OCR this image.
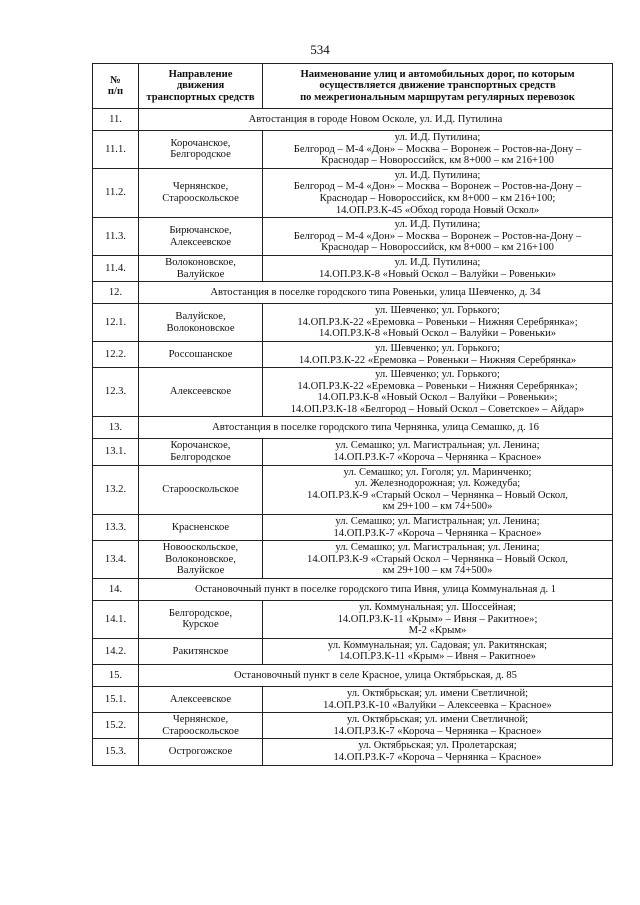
534
№
п/п	Направление
движения
транспортных средств	Наименование улиц и автомобильных дорог, по которым
осуществляется движение транспортных средств
по межрегиональным маршрутам регулярных перевозок

11.	Автостанция в городе Новом Осколе, ул. И.Д. Путилина	
11.1.	Корочанское,
Белгородское	ул. И.Д. Путилина;
Белгород – М-4 «Дон» – Москва – Воронеж – Ростов-на-Дону –
Краснодар – Новороссийск, км 8+000 – км 216+100

11.2.	Чернянское,
Старооскольское	ул. И.Д. Путилина;
Белгород – М-4 «Дон» – Москва – Воронеж – Ростов-на-Дону –
Краснодар – Новороссийск, км 8+000 – км 216+100;
14.ОП.РЗ.К-45 «Обход города Новый Оскол»

11.3.	Бирючанское,
Алексеевское	ул. И.Д. Путилина;
Белгород – М-4 «Дон» – Москва – Воронеж – Ростов-на-Дону –
Краснодар – Новороссийск, км 8+000 – км 216+100

11.4.	Волоконовское,
Валуйское	ул. И.Д. Путилина;
14.ОП.РЗ.К-8 «Новый Оскол – Валуйки – Ровеньки»

12.	Автостанция в поселке городского типа Ровеньки, улица Шевченко, д. 34	
12.1.	Валуйское,
Волоконовское	ул. Шевченко; ул. Горького;
14.ОП.РЗ.К-22 «Еремовка – Ровеньки – Нижняя Серебрянка»;
14.ОП.РЗ.К-8 «Новый Оскол – Валуйки – Ровеньки»

12.2.	Россошанское	ул. Шевченко; ул. Горького;
14.ОП.РЗ.К-22 «Еремовка – Ровеньки – Нижняя Серебрянка»

12.3.	Алексеевское	ул. Шевченко; ул. Горького;
14.ОП.РЗ.К-22 «Еремовка – Ровеньки – Нижняя Серебрянка»;
14.ОП.РЗ.К-8 «Новый Оскол – Валуйки – Ровеньки»;
14.ОП.РЗ.К-18 «Белгород – Новый Оскол – Советское» – Айдар»

13.	Автостанция в поселке городского типа Чернянка, улица Семашко, д. 16	
13.1.	Корочанское,
Белгородское	ул. Семашко; ул. Магистральная; ул. Ленина;
14.ОП.РЗ.К-7 «Короча – Чернянка – Красное»

13.2.	Старооскольское	ул. Семашко; ул. Гоголя; ул. Маринченко;
ул. Железнодорожная; ул. Кожедуба;
14.ОП.РЗ.К-9 «Старый Оскол – Чернянка – Новый Оскол,
км 29+100 – км 74+500»

13.3.	Красненское	ул. Семашко; ул. Магистральная; ул. Ленина;
14.ОП.РЗ.К-7 «Короча – Чернянка – Красное»

13.4.	Новооскольское,
Волоконовское,
Валуйское	ул. Семашко; ул. Магистральная; ул. Ленина;
14.ОП.РЗ.К-9 «Старый Оскол – Чернянка – Новый Оскол,
км 29+100 – км 74+500»

14.	Остановочный пункт в поселке городского типа Ивня, улица Коммунальная д. 1	
14.1.	Белгородское,
Курское	ул. Коммунальная; ул. Шоссейная;
14.ОП.РЗ.К-11 «Крым» – Ивня – Ракитное»;
М-2 «Крым»

14.2.	Ракитянское	ул. Коммунальная; ул. Садовая; ул. Ракитянская;
14.ОП.РЗ.К-11 «Крым» – Ивня – Ракитное»

15.	Остановочный пункт в селе Красное, улица Октябрьская, д. 85	
15.1.	Алексеевское	ул. Октябрьская; ул. имени Светличной;
14.ОП.РЗ.К-10 «Валуйки – Алексеевка – Красное»

15.2.	Чернянское,
Старооскольское	ул. Октябрьская; ул. имени Светличной;
14.ОП.РЗ.К-7 «Короча – Чернянка – Красное»

15.3.	Острогожское	ул. Октябрьская; ул. Пролетарская;
14.ОП.РЗ.К-7 «Короча – Чернянка – Красное»
